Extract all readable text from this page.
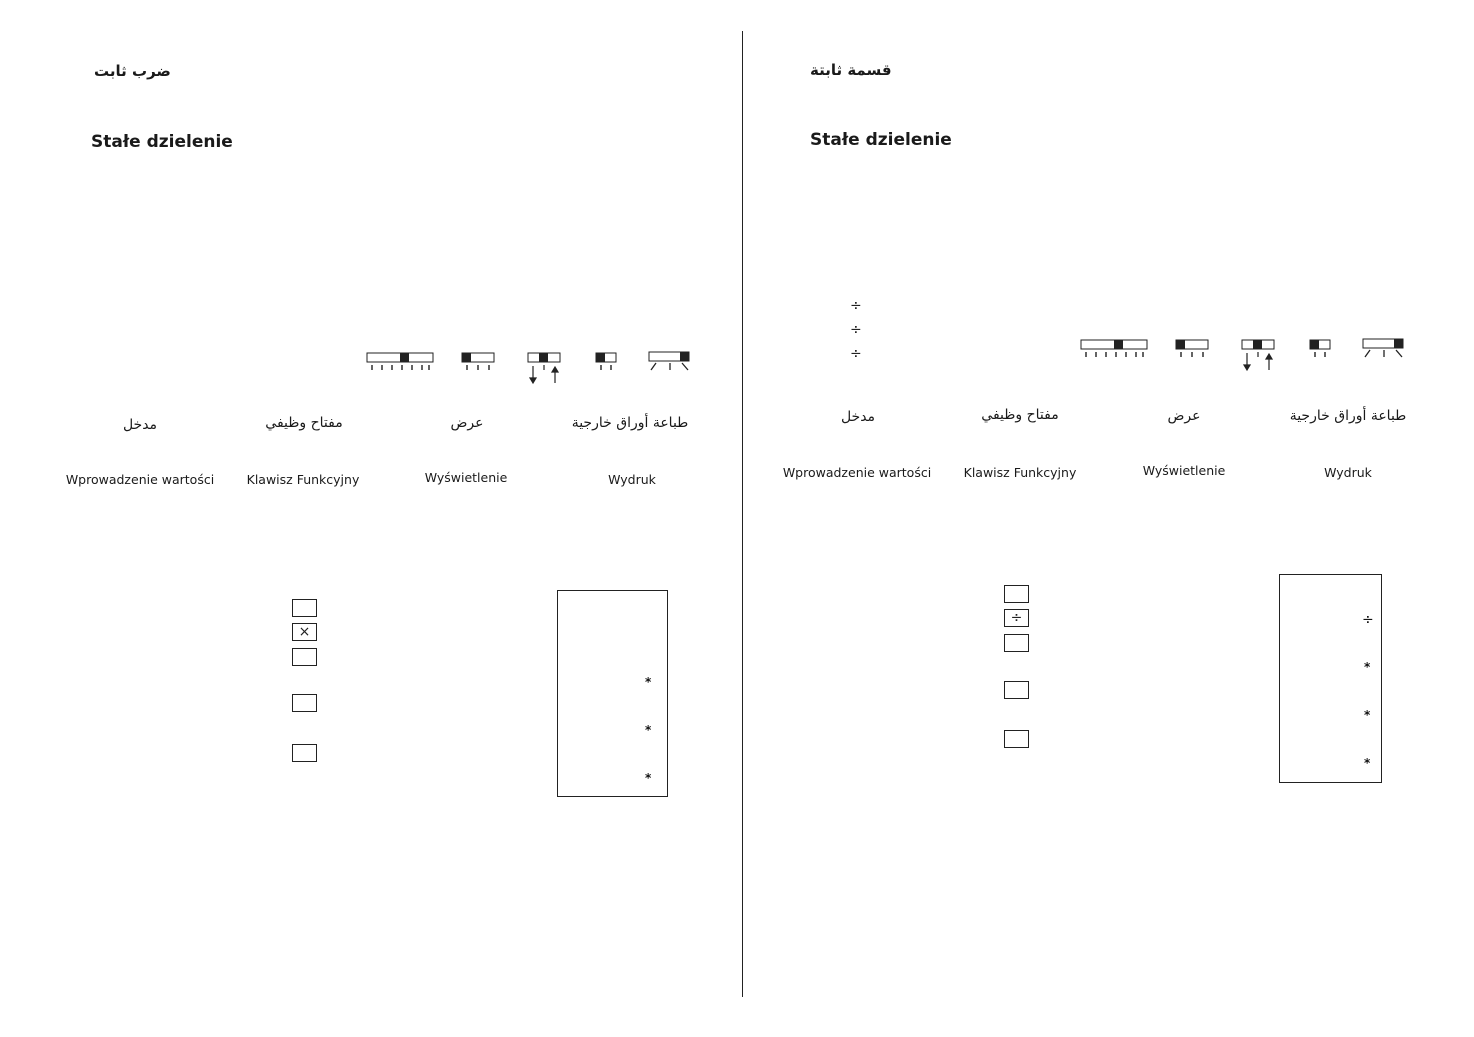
ضرب ثابت
Stałe dzielenie
مدخل	مفتاح وظيفي	عرض	طباعة أوراق خارجية
Wprowadzenie wartości	Klawisz Funkcyjny	Wyświetlenie	Wydruk
×
*
*
*
قسمة ثابتة
Stałe dzielenie
÷
÷
÷
مدخل	مفتاح وظيفي	عرض	طباعة أوراق خارجية
Wprowadzenie wartości	Klawisz Funkcyjny	Wyświetlenie	Wydruk
÷	÷
*
*
*
